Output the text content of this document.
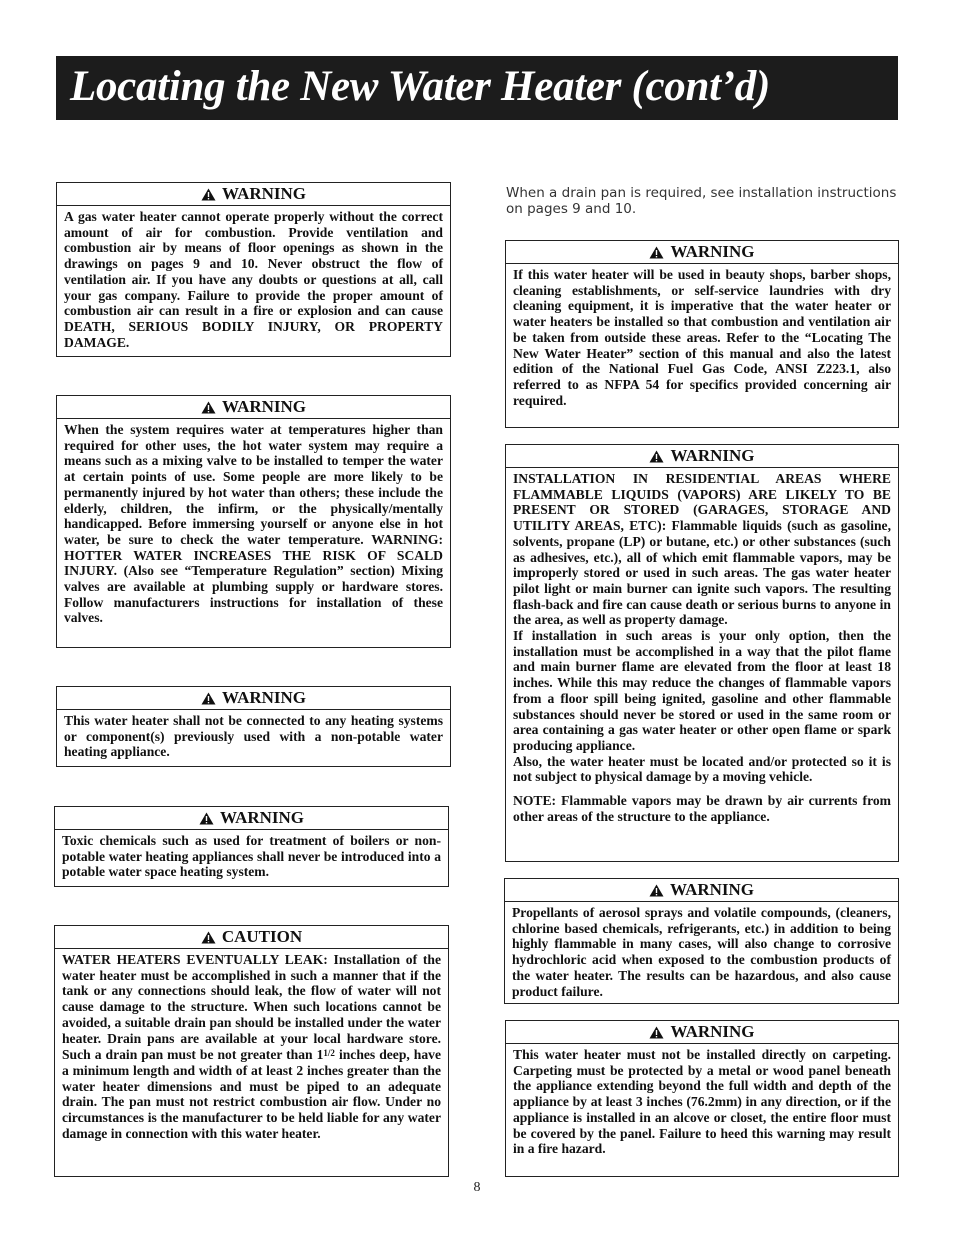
Locating the New Water Heater (cont’d)
WARNING

A gas water heater cannot operate properly without the correct amount of air for combustion. Provide ventilation and combustion air by means of floor openings as shown in the drawings on pages 9 and 10. Never obstruct the flow of ventilation air. If you have any doubts or questions at all, call your gas company. Failure to provide the proper amount of combustion air can result in a fire or explosion and can cause DEATH, SERIOUS BODILY INJURY, OR PROPERTY DAMAGE.

WARNING

When the system requires water at temperatures higher than required for other uses, the hot water system may require a means such as a mixing valve to be installed to temper the water at certain points of use. Some people are more likely to be permanently injured by hot water than others; these include the elderly, children, the infirm, or the physically/mentally handicapped. Before immersing yourself or anyone else in hot water, be sure to check the water temperature. WARNING: HOTTER WATER INCREASES THE RISK OF SCALD INJURY. (Also see “Temperature Regulation” section) Mixing valves are available at plumbing supply or hardware stores. Follow manufacturers instructions for installation of these valves.

WARNING

This water heater shall not be connected to any heating systems or component(s) previously used with a non-potable water heating appliance.

WARNING

Toxic chemicals such as used for treatment of boilers or non-potable water heating appliances shall never be introduced into a potable water space heating system.

CAUTION

WATER HEATERS EVENTUALLY LEAK: Installation of the water heater must be accomplished in such a manner that if the tank or any connections should leak, the flow of water will not cause damage to the structure. When such locations cannot be avoided, a suitable drain pan should be installed under the water heater. Drain pans are available at your local hardware store. Such a drain pan must be not greater than $1^{1/2}$ inches deep, have a minimum length and width of at least 2 inches greater than the water heater dimensions and must be piped to an adequate drain. The pan must not restrict combustion air flow. Under no circumstances is the manufacturer to be held liable for any water damage in connection with this water heater.

When a drain pan is required, see installation instructions on pages 9 and 10.
WARNING

If this water heater will be used in beauty shops, barber shops, cleaning establishments, or self-service laundries with dry cleaning equipment, it is imperative that the water heater or water heaters be installed so that combustion and ventilation air be taken from outside these areas. Refer to the “Locating The New Water Heater” section of this manual and also the latest edition of the National Fuel Gas Code, ANSI Z223.1, also referred to as NFPA 54 for specifics provided concerning air required.

WARNING

INSTALLATION IN RESIDENTIAL AREAS WHERE FLAMMABLE LIQUIDS (VAPORS) ARE LIKELY TO BE PRESENT OR STORED (GARAGES, STORAGE AND UTILITY AREAS, ETC): Flammable liquids (such as gasoline, solvents, propane (LP) or butane, etc.) or other substances (such as adhesives, etc.), all of which emit flammable vapors, may be improperly stored or used in such areas. The gas water heater pilot light or main burner can ignite such vapors. The resulting flash-back and fire can cause death or serious burns to anyone in the area, as well as property damage.

If installation in such areas is your only option, then the installation must be accomplished in a way that the pilot flame and main burner flame are elevated from the floor at least 18 inches. While this may reduce the changes of flammable vapors from a floor spill being ignited, gasoline and other flammable substances should never be stored or used in the same room or area containing a gas water heater or other open flame or spark producing appliance.

Also, the water heater must be located and/or protected so it is not subject to physical damage by a moving vehicle.

NOTE: Flammable vapors may be drawn by air currents from other areas of the structure to the appliance.

WARNING

Propellants of aerosol sprays and volatile compounds, (cleaners, chlorine based chemicals, refrigerants, etc.) in addition to being highly flammable in many cases, will also change to corrosive hydrochloric acid when exposed to the combustion products of the water heater. The results can be hazardous, and also cause product failure.

WARNING

This water heater must not be installed directly on carpeting. Carpeting must be protected by a metal or wood panel beneath the appliance extending beyond the full width and depth of the appliance by at least 3 inches (76.2mm) in any direction, or if the appliance is installed in an alcove or closet, the entire floor must be covered by the panel. Failure to heed this warning may result in a fire hazard.

8
